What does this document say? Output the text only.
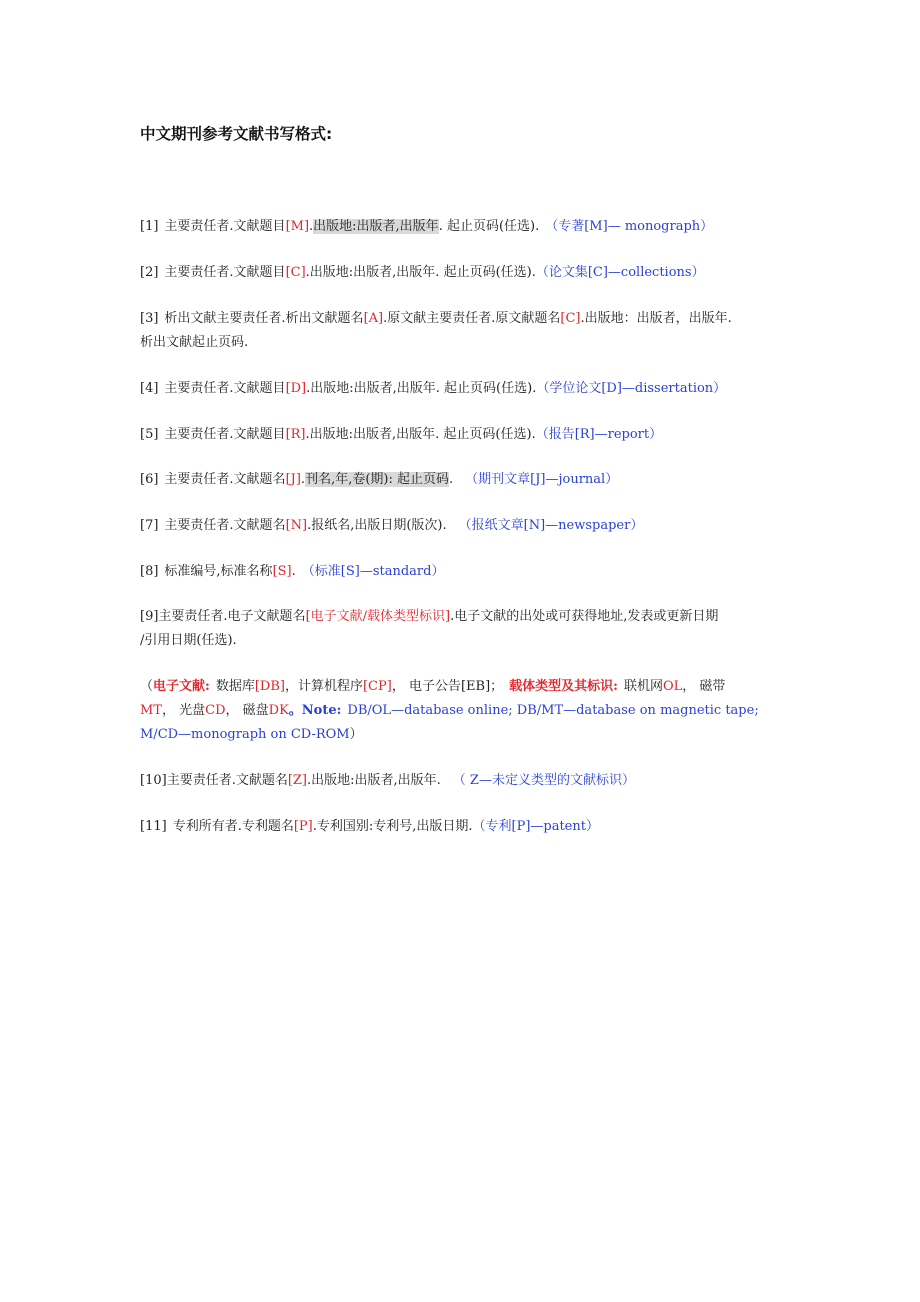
中文期刊参考文献书写格式:
[1] 主要责任者.文献题目[M].出版地:出版者,出版年. 起止页码(任选). （专著[M]— monograph）
[2] 主要责任者.文献题目[C].出版地:出版者,出版年. 起止页码(任选).（论文集[C]—collections）
[3] 析出文献主要责任者.析出文献题名[A].原文献主要责任者.原文献题名[C].出版地：出版者，出版年.
析出文献起止页码.
[4] 主要责任者.文献题目[D].出版地:出版者,出版年. 起止页码(任选).（学位论文[D]—dissertation）
[5] 主要责任者.文献题目[R].出版地:出版者,出版年. 起止页码(任选).（报告[R]—report）
[6] 主要责任者.文献题名[J].刊名,年,卷(期): 起止页码. （期刊文章[J]—journal）
[7] 主要责任者.文献题名[N].报纸名,出版日期(版次). （报纸文章[N]—newspaper）
[8] 标准编号,标准名称[S]. （标准[S]—standard）
[9]主要责任者.电子文献题名[电子文献/载体类型标识].电子文献的出处或可获得地址,发表或更新日期
/引用日期(任选).
（电子文献: 数据库[DB]，计算机程序[CP]， 电子公告[EB]； 载体类型及其标识: 联机网OL， 磁带
MT， 光盘CD， 磁盘DK。Note: DB/OL—database online; DB/MT—database on magnetic tape;
M/CD—monograph on CD-ROM）
[10]主要责任者.文献题名[Z].出版地:出版者,出版年. （ Z—未定义类型的文献标识）
[11] 专利所有者.专利题名[P].专利国别:专利号,出版日期.（专利[P]—patent）
